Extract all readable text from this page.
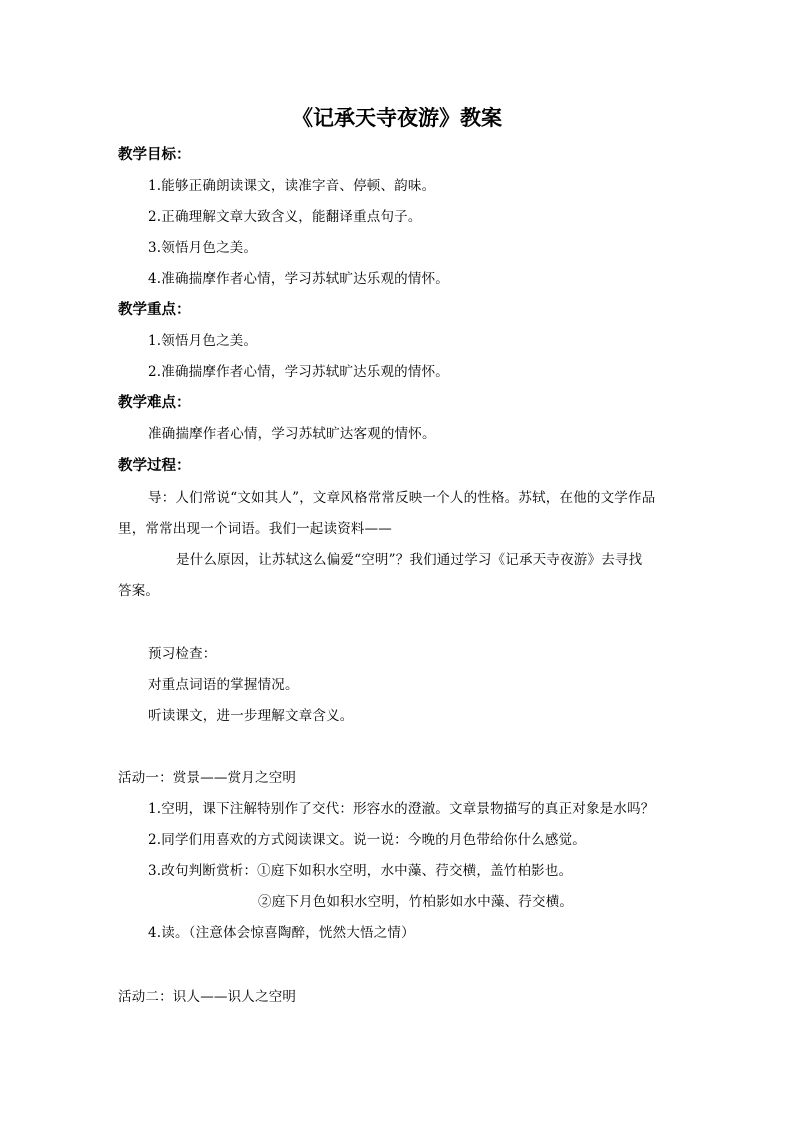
《记承天寺夜游》教案
教学目标：
1.能够正确朗读课文，读准字音、停顿、韵味。
2.正确理解文章大致含义，能翻译重点句子。
3.领悟月色之美。
4.准确揣摩作者心情，学习苏轼旷达乐观的情怀。
教学重点：
1.领悟月色之美。
2.准确揣摩作者心情，学习苏轼旷达乐观的情怀。
教学难点：
准确揣摩作者心情，学习苏轼旷达客观的情怀。
教学过程：
导：人们常说“文如其人”，文章风格常常反映一个人的性格。苏轼，在他的文学作品
里，常常出现一个词语。我们一起读资料——
是什么原因，让苏轼这么偏爱“空明”？我们通过学习《记承天寺夜游》去寻找
答案。
预习检查：
对重点词语的掌握情况。
听读课文，进一步理解文章含义。
活动一：赏景——赏月之空明
1.空明，课下注解特别作了交代：形容水的澄澈。文章景物描写的真正对象是水吗？
2.同学们用喜欢的方式阅读课文。说一说：今晚的月色带给你什么感觉。
3.改句判断赏析：①庭下如积水空明，水中藻、荇交横，盖竹柏影也。
②庭下月色如积水空明，竹柏影如水中藻、荇交横。
4.读。（注意体会惊喜陶醉，恍然大悟之情）
活动二：识人——识人之空明
